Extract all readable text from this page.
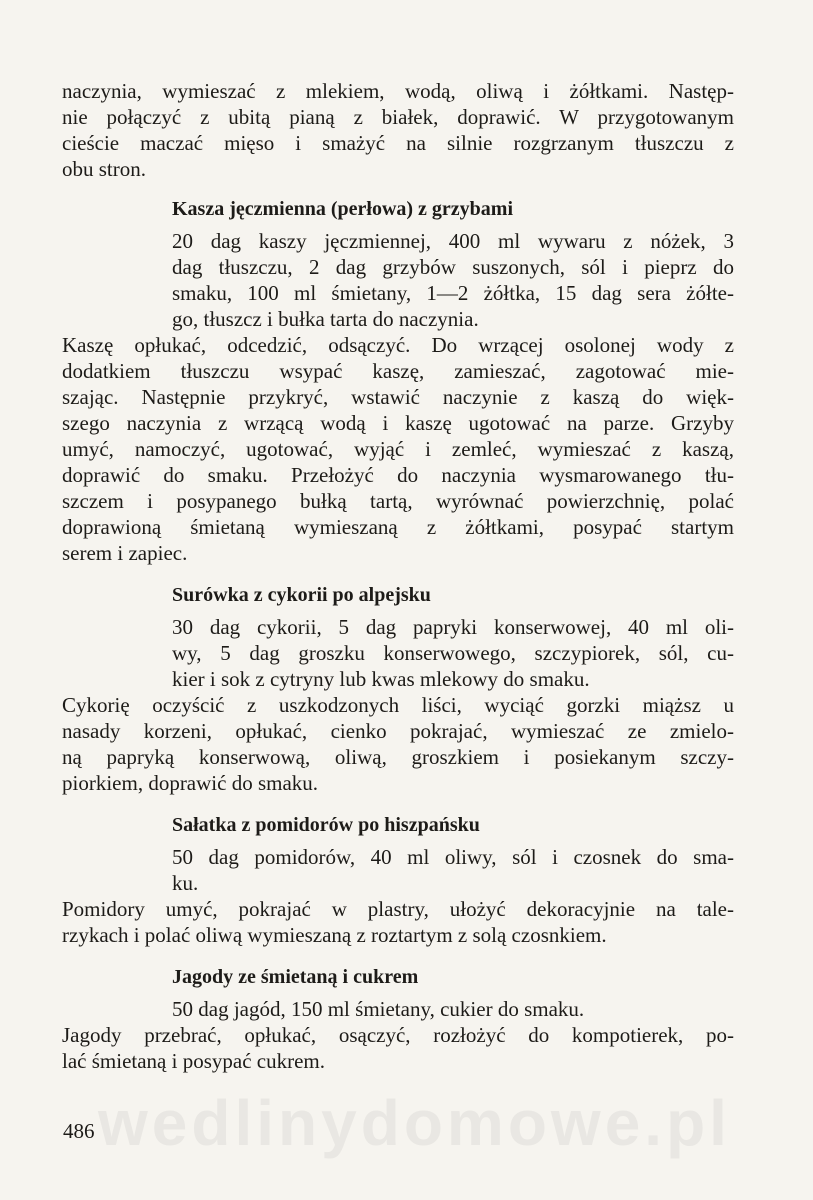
naczynia, wymieszać z mlekiem, wodą, oliwą i żółtkami. Następ-
nie połączyć z ubitą pianą z białek, doprawić. W przygotowanym
cieście maczać mięso i smażyć na silnie rozgrzanym tłuszczu z
obu stron.
Kasza jęczmienna (perłowa) z grzybami
20 dag kaszy jęczmiennej, 400 ml wywaru z nóżek, 3
dag tłuszczu, 2 dag grzybów suszonych, sól i pieprz do
smaku, 100 ml śmietany, 1—2 żółtka, 15 dag sera żółte-
go, tłuszcz i bułka tarta do naczynia.
Kaszę opłukać, odcedzić, odsączyć. Do wrzącej osolonej wody z
dodatkiem tłuszczu wsypać kaszę, zamieszać, zagotować mie-
szając. Następnie przykryć, wstawić naczynie z kaszą do więk-
szego naczynia z wrzącą wodą i kaszę ugotować na parze. Grzyby
umyć, namoczyć, ugotować, wyjąć i zemleć, wymieszać z kaszą,
doprawić do smaku. Przełożyć do naczynia wysmarowanego tłu-
szczem i posypanego bułką tartą, wyrównać powierzchnię, polać
doprawioną śmietaną wymieszaną z żółtkami, posypać startym
serem i zapiec.
Surówka z cykorii po alpejsku
30 dag cykorii, 5 dag papryki konserwowej, 40 ml oli-
wy, 5 dag groszku konserwowego, szczypiorek, sól, cu-
kier i sok z cytryny lub kwas mlekowy do smaku.
Cykorię oczyścić z uszkodzonych liści, wyciąć gorzki miąższ u
nasady korzeni, opłukać, cienko pokrajać, wymieszać ze zmielo-
ną papryką konserwową, oliwą, groszkiem i posiekanym szczy-
piorkiem, doprawić do smaku.
Sałatka z pomidorów po hiszpańsku
50 dag pomidorów, 40 ml oliwy, sól i czosnek do sma-
ku.
Pomidory umyć, pokrajać w plastry, ułożyć dekoracyjnie na tale-
rzykach i polać oliwą wymieszaną z roztartym z solą czosnkiem.
Jagody ze śmietaną i cukrem
50 dag jagód, 150 ml śmietany, cukier do smaku.
Jagody przebrać, opłukać, osączyć, rozłożyć do kompotierek, po-
lać śmietaną i posypać cukrem.
wedlinydomowe.pl
486
